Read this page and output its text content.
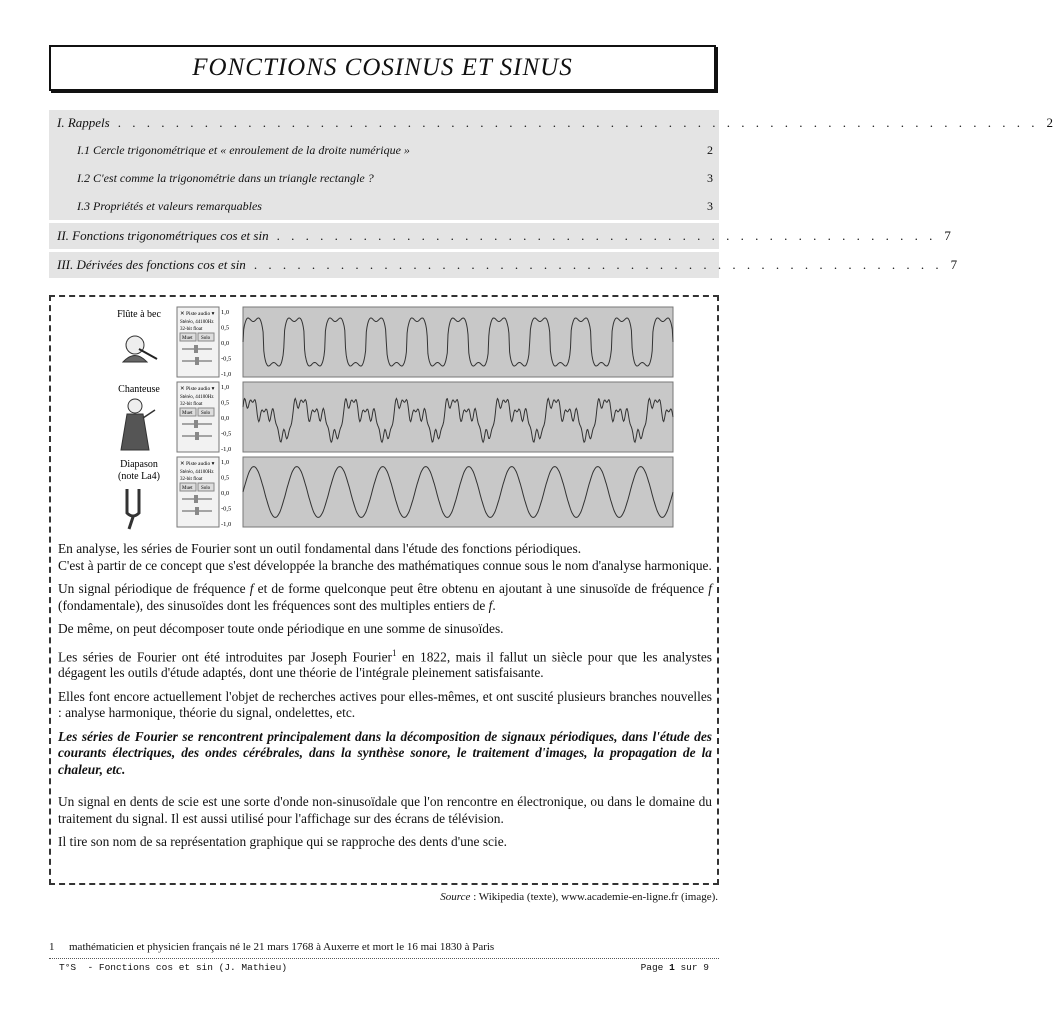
FONCTIONS COSINUS ET SINUS
I. Rappels . . . . . . . . . . . . . . . . . . . . . . . . . . . . . . . . . . . . . . . . . . . . . . . . . . . . . . . . . . . . . . . . 2
I.1 Cercle trigonométrique et « enroulement de la droite numérique »	2
I.2 C'est comme la trigonométrie dans un triangle rectangle ?	3
I.3 Propriétés et valeurs remarquables	3
II. Fonctions trigonométriques cos et sin . . . . . . . . . . . . . . . . . . . . . . . . . . . . . . . . . . . . . . . . . . . . . . 7
III. Dérivées des fonctions cos et sin . . . . . . . . . . . . . . . . . . . . . . . . . . . . . . . . . . . . . . . . . . . . . . . . 7
Flûte à bec	✕ Piste audio ▾
Stéréo, 44100Hz
32-bit float
Muet Solo
1,0
0,5
0,0
-0,5
-1,0
Chanteuse	✕ Piste audio ▾
Stéréo, 44100Hz
32-bit float
Muet Solo
1,0
0,5
0,0
-0,5
-1,0
Diapason
(note La4)
✕ Piste audio ▾
Stéréo, 44100Hz
32-bit float
Muet Solo
1,0
0,5
0,0
-0,5
-1,0

En analyse, les séries de Fourier sont un outil fondamental dans l'étude des fonctions périodiques.
C'est à partir de ce concept que s'est développée la branche des mathématiques connue sous le nom d'analyse harmonique.

Un signal périodique de fréquence f et de forme quelconque peut être obtenu en ajoutant à une sinusoïde de fréquence f (fondamentale), des sinusoïdes dont les fréquences sont des multiples entiers de f.

De même, on peut décomposer toute onde périodique en une somme de sinusoïdes.

Les séries de Fourier ont été introduites par Joseph Fourier$^1$ en 1822, mais il fallut un siècle pour que les analystes dégagent les outils d'étude adaptés, dont une théorie de l'intégrale pleinement satisfaisante.

Elles font encore actuellement l'objet de recherches actives pour elles-mêmes, et ont suscité plusieurs branches nouvelles : analyse harmonique, théorie du signal, ondelettes, etc.

Les séries de Fourier se rencontrent principalement dans la décomposition de signaux périodiques, dans l'étude des courants électriques, des ondes cérébrales, dans la synthèse sonore, le traitement d'images, la propagation de la chaleur, etc.

Un signal en dents de scie est une sorte d'onde non-sinusoïdale que l'on rencontre en électronique, ou dans le domaine du traitement du signal. Il est aussi utilisé pour l'affichage sur des écrans de télévision.

Il tire son nom de sa représentation graphique qui se rapproche des dents d'une scie.

Source : Wikipedia (texte), www.academie-en-ligne.fr (image).
1 mathématicien et physicien français né le 21 mars 1768 à Auxerre et mort le 16 mai 1830 à Paris
T°S  - Fonctions cos et sin (J. Mathieu)	Page 1 sur 9
